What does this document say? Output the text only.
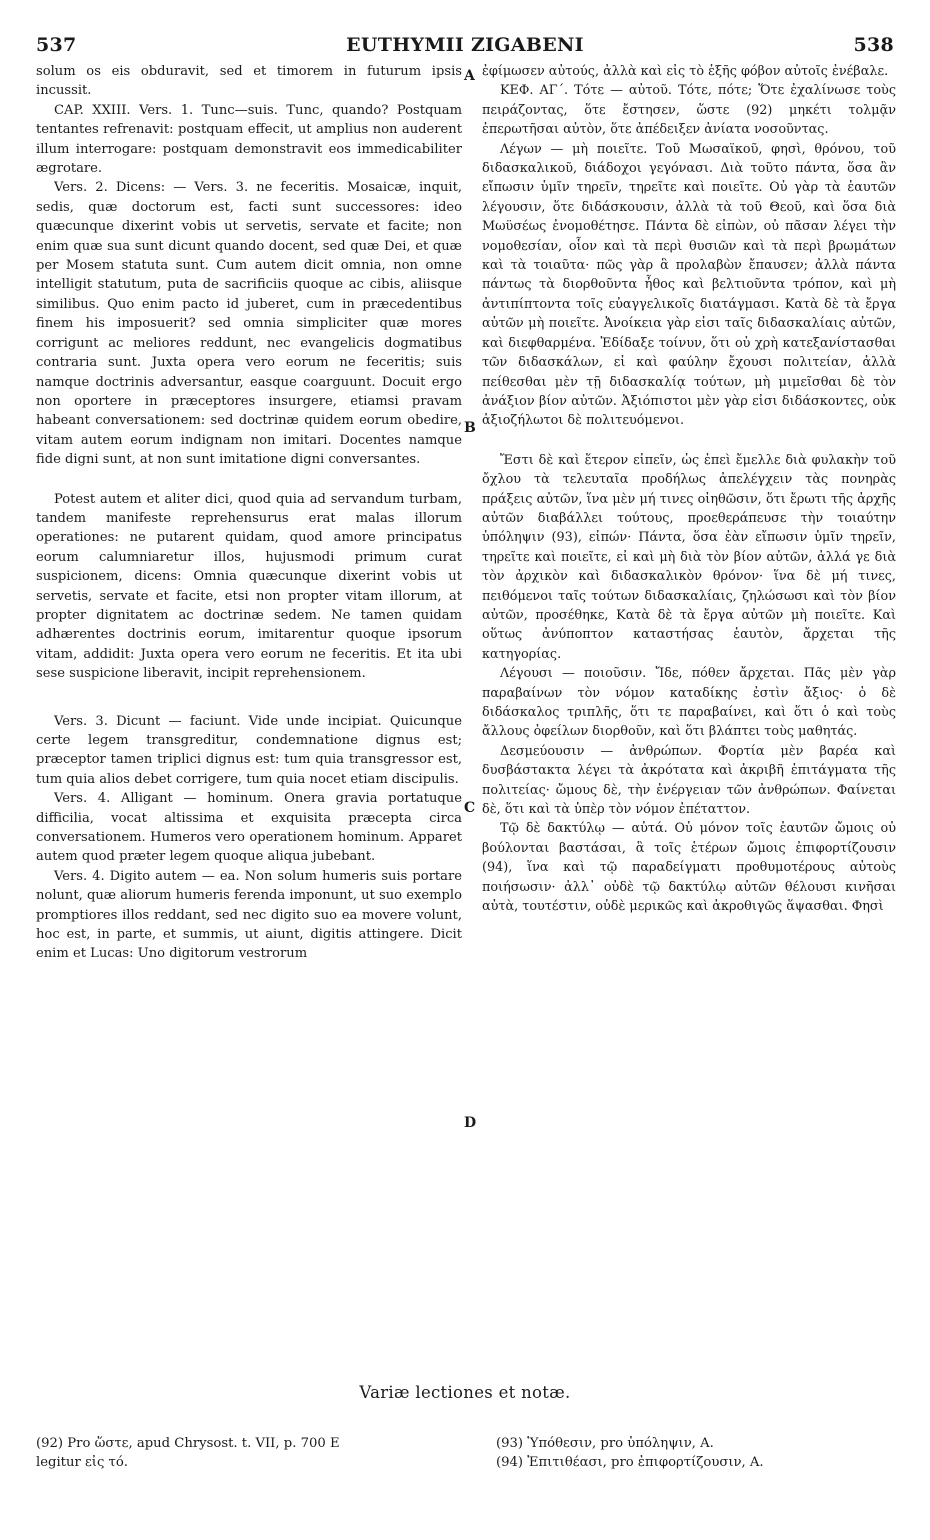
537	EUTHYMII ZIGABENI	538

solum os eis obduravit, sed et timorem in futurum ipsis incussit.

CAP. XXIII. Vers. 1. Tunc—suis. Tunc, quando? Postquam tentantes refrenavit: postquam effecit, ut amplius non auderent illum interrogare: postquam demonstravit eos immedicabiliter ægrotare.

Vers. 2. Dicens: — Vers. 3. ne feceritis. Mosaicæ, inquit, sedis, quæ doctorum est, facti sunt successores: ideo quæcunque dixerint vobis ut servetis, servate et facite; non enim quæ sua sunt dicunt quando docent, sed quæ Dei, et quæ per Mosem statuta sunt. Cum autem dicit omnia, non omne intelligit statutum, puta de sacrificiis quoque ac cibis, aliisque similibus. Quo enim pacto id juberet, cum in præcedentibus finem his imposuerit? sed omnia simpliciter quæ mores corrigunt ac meliores reddunt, nec evangelicis dogmatibus contraria sunt. Juxta opera vero eorum ne feceritis; suis namque doctrinis adversantur, easque coarguunt. Docuit ergo non oportere in præceptores insurgere, etiamsi pravam habeant conversationem: sed doctrinæ quidem eorum obedire, vitam autem eorum indignam non imitari. Docentes namque fide digni sunt, at non sunt imitatione digni conversantes.

Potest autem et aliter dici, quod quia ad servandum turbam, tandem manifeste reprehensurus erat malas illorum operationes: ne putarent quidam, quod amore principatus eorum calumniaretur illos, hujusmodi primum curat suspicionem, dicens: Omnia quæcunque dixerint vobis ut servetis, servate et facite, etsi non propter vitam illorum, at propter dignitatem ac doctrinæ sedem. Ne tamen quidam adhærentes doctrinis eorum, imitarentur quoque ipsorum vitam, addidit: Juxta opera vero eorum ne feceritis. Et ita ubi sese suspicione liberavit, incipit reprehensionem.

Vers. 3. Dicunt — faciunt. Vide unde incipiat. Quicunque certe legem transgreditur, condemnatione dignus est; præceptor tamen triplici dignus est: tum quia transgressor est, tum quia alios debet corrigere, tum quia nocet etiam discipulis.

Vers. 4. Alligant — hominum. Onera gravia portatuque difficilia, vocat altissima et exquisita præcepta circa conversationem. Humeros vero operationem hominum. Apparet autem quod præter legem quoque aliqua jubebant.

Vers. 4. Digito autem — ea. Non solum humeris suis portare nolunt, quæ aliorum humeris ferenda imponunt, ut suo exemplo promptiores illos reddant, sed nec digito suo ea movere volunt, hoc est, in parte, et summis, ut aiunt, digitis attingere. Dicit enim et Lucas: Uno digitorum vestrorum

A
B
C
D

ἐφίμωσεν αὐτούς, ἀλλὰ καὶ εἰς τὸ ἑξῆς φόβον αὐτοῖς ἐνέβαλε.

ΚΕΦ. ΑΓ΄. Τότε — αὐτοῦ. Τότε, πότε; Ὅτε ἐχαλίνωσε τοὺς πειράζοντας, ὅτε ἔστησεν, ὥστε (92) μηκέτι τολμᾷν ἐπερωτῆσαι αὐτὸν, ὅτε ἀπέδειξεν ἀνίατα νοσοῦντας.

Λέγων — μὴ ποιεῖτε. Τοῦ Μωσαϊκοῦ, φησὶ, θρόνου, τοῦ διδασκαλικοῦ, διάδοχοι γεγόνασι. Διὰ τοῦτο πάντα, ὅσα ἂν εἴπωσιν ὑμῖν τηρεῖν, τηρεῖτε καὶ ποιεῖτε. Οὐ γὰρ τὰ ἑαυτῶν λέγουσιν, ὅτε διδάσκουσιν, ἀλλὰ τὰ τοῦ Θεοῦ, καὶ ὅσα διὰ Μωϋσέως ἐνομοθέτησε. Πάντα δὲ εἰπὼν, οὐ πᾶσαν λέγει τὴν νομοθεσίαν, οἷον καὶ τὰ περὶ θυσιῶν καὶ τὰ περὶ βρωμάτων καὶ τὰ τοιαῦτα· πῶς γὰρ ἃ προλαβὼν ἔπαυσεν; ἀλλὰ πάντα πάντως τὰ διορθοῦντα ἦθος καὶ βελτιοῦντα τρόπον, καὶ μὴ ἀντιπίπτοντα τοῖς εὐαγγελικοῖς διατάγμασι. Κατὰ δὲ τὰ ἔργα αὐτῶν μὴ ποιεῖτε. Ἀνοίκεια γὰρ εἰσι ταῖς διδασκαλίαις αὐτῶν, καὶ διεφθαρμένα. Ἐδίδαξε τοίνυν, ὅτι οὐ χρὴ κατεξανίστασθαι τῶν διδασκάλων, εἰ καὶ φαύλην ἔχουσι πολιτείαν, ἀλλὰ πείθεσθαι μὲν τῇ διδασκαλίᾳ τούτων, μὴ μιμεῖσθαι δὲ τὸν ἀνάξιον βίον αὐτῶν. Ἀξιόπιστοι μὲν γὰρ εἰσι διδάσκοντες, οὐκ ἀξιοζήλωτοι δὲ πολιτευόμενοι.

Ἔστι δὲ καὶ ἕτερον εἰπεῖν, ὡς ἐπεὶ ἔμελλε διὰ φυλακὴν τοῦ ὄχλου τὰ τελευταῖα προδήλως ἀπελέγχειν τὰς πονηρὰς πράξεις αὐτῶν, ἵνα μὲν μή τινες οἰηθῶσιν, ὅτι ἔρωτι τῆς ἀρχῆς αὐτῶν διαβάλλει τούτους, προεθεράπευσε τὴν τοιαύτην ὑπόληψιν (93), εἰπών· Πάντα, ὅσα ἐὰν εἴπωσιν ὑμῖν τηρεῖν, τηρεῖτε καὶ ποιεῖτε, εἰ καὶ μὴ διὰ τὸν βίον αὐτῶν, ἀλλά γε διὰ τὸν ἀρχικὸν καὶ διδασκαλικὸν θρόνον· ἵνα δὲ μή τινες, πειθόμενοι ταῖς τούτων διδασκαλίαις, ζηλώσωσι καὶ τὸν βίον αὐτῶν, προσέθηκε, Κατὰ δὲ τὰ ἔργα αὐτῶν μὴ ποιεῖτε. Καὶ οὕτως ἀνύποπτον καταστήσας ἑαυτὸν, ἄρχεται τῆς κατηγορίας.

Λέγουσι — ποιοῦσιν. Ἴδε, πόθεν ἄρχεται. Πᾶς μὲν γὰρ παραβαίνων τὸν νόμον καταδίκης ἐστὶν ἄξιος· ὁ δὲ διδάσκαλος τριπλῆς, ὅτι τε παραβαίνει, καὶ ὅτι ὁ καὶ τοὺς ἄλλους ὀφείλων διορθοῦν, καὶ ὅτι βλάπτει τοὺς μαθητάς.

Δεσμεύουσιν — ἀνθρώπων. Φορτία μὲν βαρέα καὶ δυσβάστακτα λέγει τὰ ἀκρότατα καὶ ἀκριβῆ ἐπιτάγματα τῆς πολιτείας· ὤμους δὲ, τὴν ἐνέργειαν τῶν ἀνθρώπων. Φαίνεται δὲ, ὅτι καὶ τὰ ὑπὲρ τὸν νόμον ἐπέταττον.

Τῷ δὲ δακτύλῳ — αὐτά. Οὐ μόνον τοῖς ἑαυτῶν ὤμοις οὐ βούλονται βαστάσαι, ἃ τοῖς ἑτέρων ὤμοις ἐπιφορτίζουσιν (94), ἵνα καὶ τῷ παραδείγματι προθυμοτέρους αὐτοὺς ποιήσωσιν· ἀλλ᾽ οὐδὲ τῷ δακτύλῳ αὐτῶν θέλουσι κινῆσαι αὐτὰ, τουτέστιν, οὐδὲ μερικῶς καὶ ἀκροθιγῶς ἅψασθαι. Φησὶ

Variæ lectiones et notæ.
(92) Pro ὥστε, apud Chrysost. t. VII, p. 700 E
legitur εἰς τό.
(93) Ὑπόθεσιν, pro ὑπόληψιν, A.
(94) Ἐπιτιθέασι, pro ἐπιφορτίζουσιν, A.
